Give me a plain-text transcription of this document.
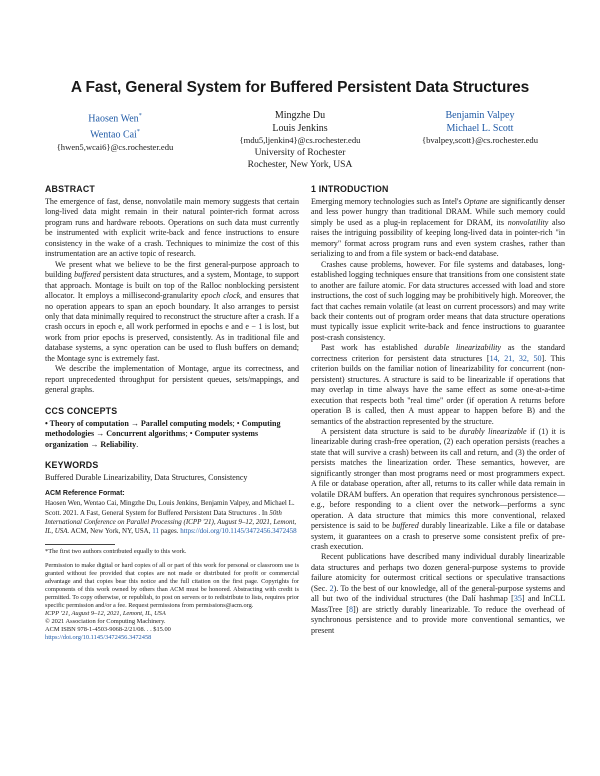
A Fast, General System for Buffered Persistent Data Structures
Haosen Wen*
Wentao Cai*
{hwen5,wcai6}@cs.rochester.edu
Mingzhe Du
Louis Jenkins
{mdu5,ljenkin4}@cs.rochester.edu
University of Rochester
Rochester, New York, USA
Benjamin Valpey
Michael L. Scott
{bvalpey,scott}@cs.rochester.edu
ABSTRACT

The emergence of fast, dense, nonvolatile main memory suggests that certain long-lived data might remain in their natural pointer-rich format across program runs and hardware reboots. Operations on such data must currently be instrumented with explicit write-back and fence instructions to ensure consistency in the wake of a crash. Techniques to minimize the cost of this instrumentation are an active topic of research.

We present what we believe to be the first general-purpose approach to building buffered persistent data structures, and a system, Montage, to support that approach. Montage is built on top of the Ralloc nonblocking persistent allocator. It employs a millisecond-granularity epoch clock, and ensures that no operation appears to span an epoch boundary. It also arranges to persist only that data minimally required to reconstruct the structure after a crash. If a crash occurs in epoch e, all work performed in epochs e and e − 1 is lost, but work from prior epochs is preserved, consistently. As in traditional file and database systems, a sync operation can be used to flush buffers on demand; the Montage sync is extremely fast.

We describe the implementation of Montage, argue its correctness, and report unprecedented throughput for persistent queues, sets/mappings, and general graphs.

CCS CONCEPTS

• Theory of computation → Parallel computing models; • Computing methodologies → Concurrent algorithms; • Computer systems organization → Reliability.

KEYWORDS

Buffered Durable Linearizability, Data Structures, Consistency

ACM Reference Format:

Haosen Wen, Wentao Cai, Mingzhe Du, Louis Jenkins, Benjamin Valpey, and Michael L. Scott. 2021. A Fast, General System for Buffered Persistent Data Structures . In 50th International Conference on Parallel Processing (ICPP '21), August 9–12, 2021, Lemont, IL, USA. ACM, New York, NY, USA, 11 pages. https://doi.org/10.1145/3472456.3472458

*The first two authors contributed equally to this work.

Permission to make digital or hard copies of all or part of this work for personal or classroom use is granted without fee provided that copies are not made or distributed for profit or commercial advantage and that copies bear this notice and the full citation on the first page. Copyrights for components of this work owned by others than ACM must be honored. Abstracting with credit is permitted. To copy otherwise, or republish, to post on servers or to redistribute to lists, requires prior specific permission and/or a fee. Request permissions from permissions@acm.org.

ICPP '21, August 9–12, 2021, Lemont, IL, USA

© 2021 Association for Computing Machinery.

ACM ISBN 978-1-4503-9068-2/21/08. . . $15.00

https://doi.org/10.1145/3472456.3472458

1 INTRODUCTION

Emerging memory technologies such as Intel's Optane are significantly denser and less power hungry than traditional DRAM. While such memory could simply be used as a plug-in replacement for DRAM, its nonvolatility also raises the intriguing possibility of keeping long-lived data in pointer-rich "in memory" format across program runs and even system crashes, rather than serializing to and from a file system or back-end database.

Crashes cause problems, however. For file systems and databases, long-established logging techniques ensure that transitions from one consistent state to another are failure atomic. For data structures accessed with load and store instructions, the cost of such logging may be prohibitively high. Moreover, the fact that caches remain volatile (at least on current processors) and may write back their contents out of program order means that data structure operations must typically issue explicit write-back and fence instructions to guarantee post-crash consistency.

Past work has established durable linearizability as the standard correctness criterion for persistent data structures [14, 21, 32, 50]. This criterion builds on the familiar notion of linearizability for concurrent (non-persistent) structures. A structure is said to be linearizable if operations that may overlap in time always have the same effect as some one-at-a-time execution that respects both "real time" order (if operation A returns before operation B is called, then A must appear to happen before B) and the semantics of the abstraction represented by the structure.

A persistent data structure is said to be durably linearizable if (1) it is linearizable during crash-free operation, (2) each operation persists (reaches a state that will survive a crash) between its call and return, and (3) the order of persists matches the linearization order. These semantics, however, are significantly stronger than most programs need or most programmers expect. A file or database operation, after all, returns to its caller while data remain in volatile DRAM buffers. An operation that requires synchronous persistence—e.g., before responding to a client over the network—performs a sync operation. A data structure that mimics this more conventional, relaxed persistence is said to be buffered durably linearizable. Like a file or database system, it guarantees on a crash to preserve some consistent prefix of pre-crash execution.

Recent publications have described many individual durably linearizable data structures and perhaps two dozen general-purpose systems to provide failure atomicity for outermost critical sections or speculative transactions (Sec. 2). To the best of our knowledge, all of the general-purpose systems and all but two of the individual structures (the Dalí hashmap [35] and InCLL MassTree [8]) are strictly durably linearizable. To reduce the overhead of synchronous persistence and to provide more conventional semantics, we present
